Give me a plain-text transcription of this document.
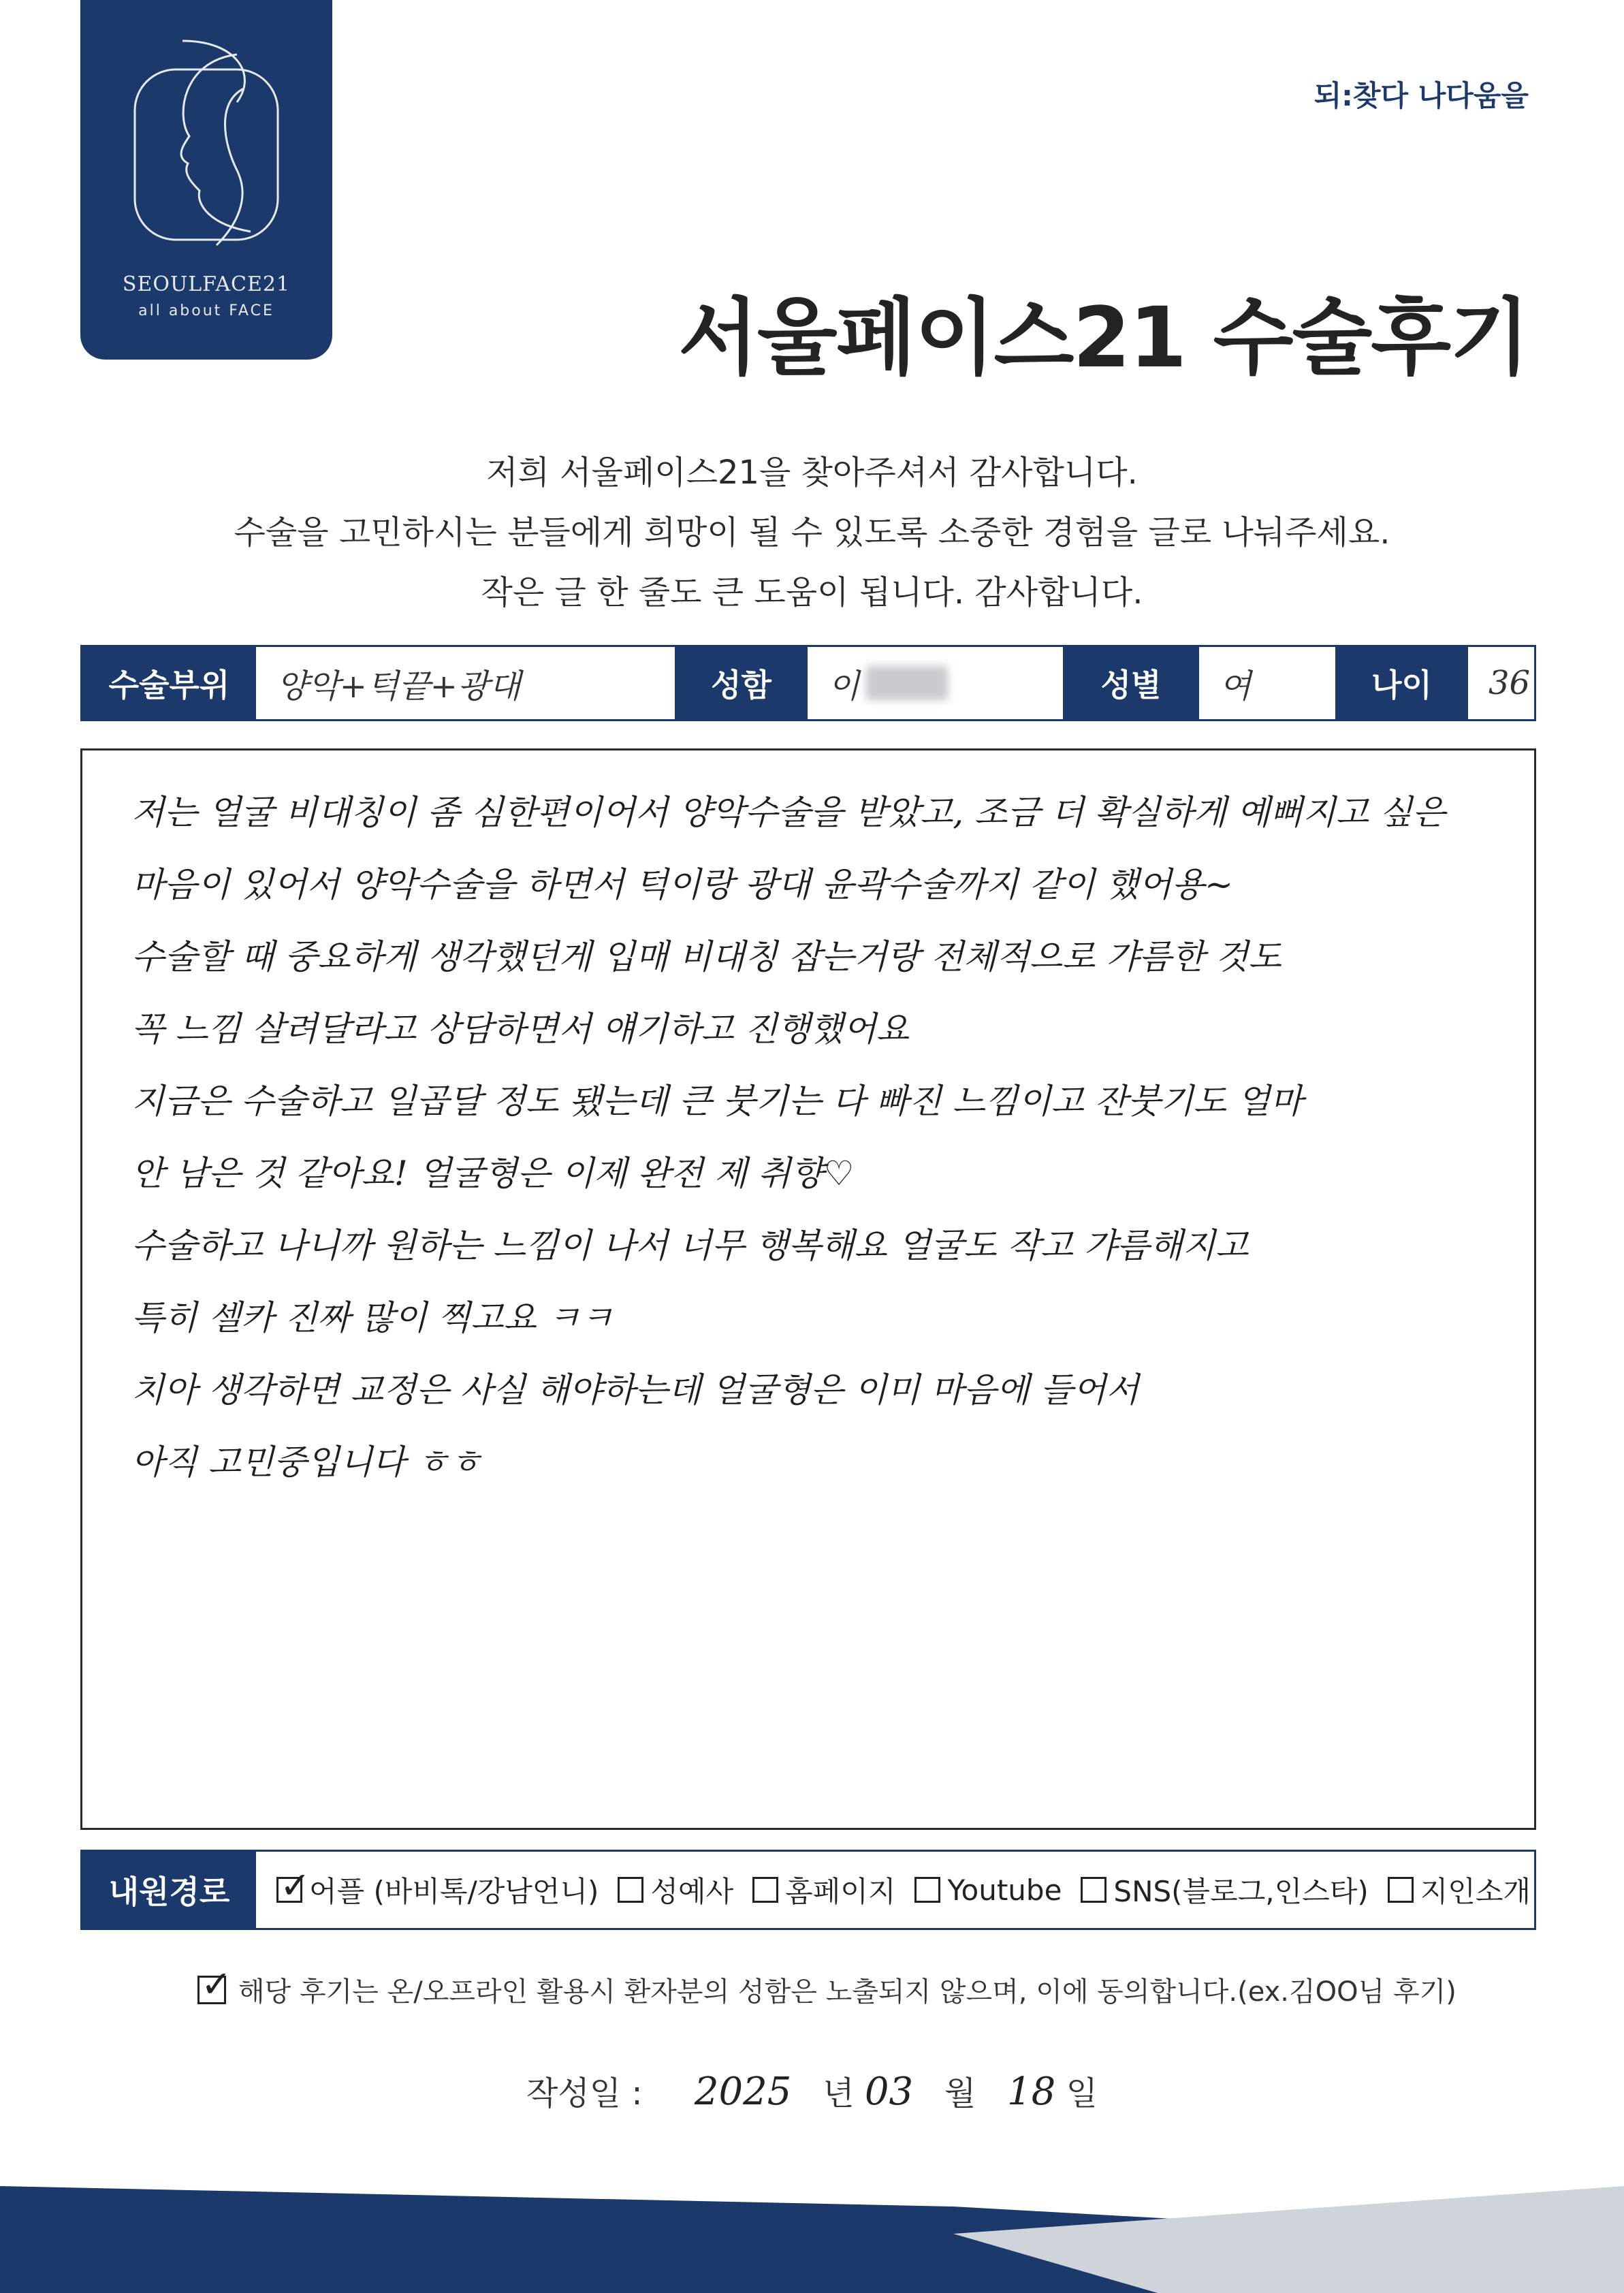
SEOULFACE21
all about FACE
되:찾다 나다움을
서울페이스21 수술후기
저희 서울페이스21을 찾아주셔서 감사합니다.
수술을 고민하시는 분들에게 희망이 될 수 있도록 소중한 경험을 글로 나눠주세요.
작은 글 한 줄도 큰 도움이 됩니다. 감사합니다.
수술부위	양악+턱끝+광대	성함	이	성별	여	나이	36
저는 얼굴 비대칭이 좀 심한편이어서 양악수술을 받았고, 조금 더 확실하게 예뻐지고 싶은
마음이 있어서 양악수술을 하면서 턱이랑 광대 윤곽수술까지 같이 했어용~
수술할 때 중요하게 생각했던게 입매 비대칭 잡는거랑 전체적으로 갸름한 것도
꼭 느낌 살려달라고 상담하면서 얘기하고 진행했어요
지금은 수술하고 일곱달 정도 됐는데 큰 붓기는 다 빠진 느낌이고 잔붓기도 얼마
안 남은 것 같아요! 얼굴형은 이제 완전 제 취향♡
수술하고 나니까 원하는 느낌이 나서 너무 행복해요 얼굴도 작고 갸름해지고
특히 셀카 진짜 많이 찍고요 ㅋㅋ
치아 생각하면 교정은 사실 해야하는데 얼굴형은 이미 마음에 들어서
아직 고민중입니다 ㅎㅎ
내원경로
✓	어플 (바비톡/강남언니) 성예사 홈페이지 Youtube SNS(블로그,인스타) 지인소개
✓
해당 후기는 온/오프라인 활용시 환자분의 성함은 노출되지 않으며, 이에 동의합니다.(ex.김OO님 후기)
작성일 : 2025 년 03 월 18 일
